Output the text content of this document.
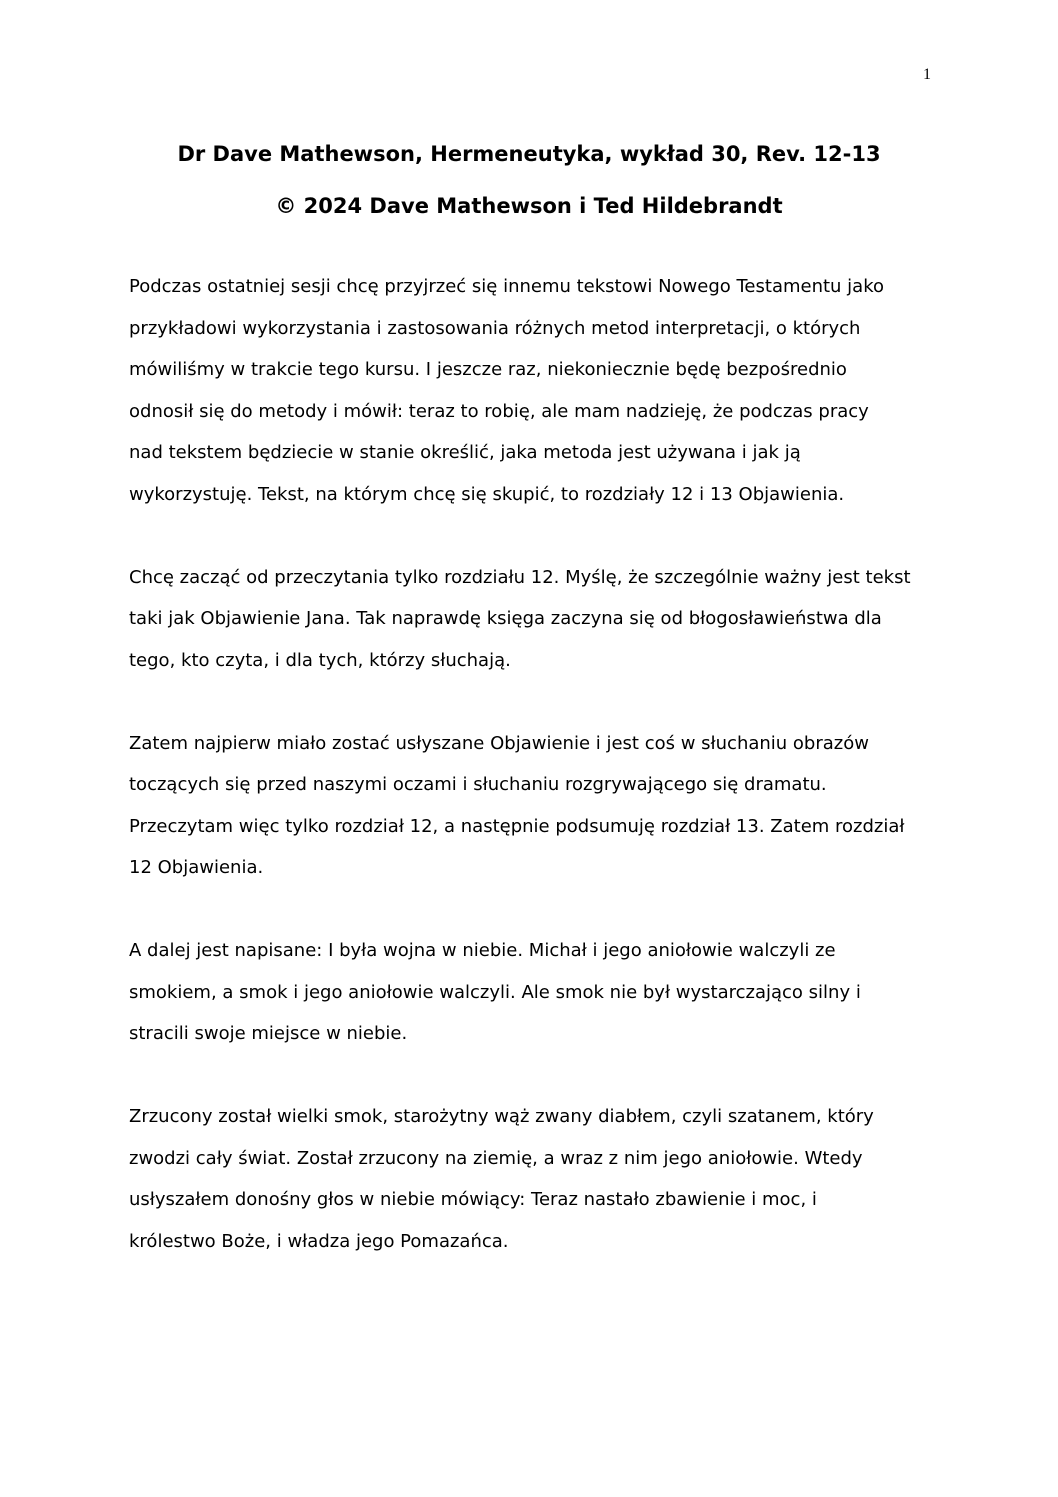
1

Dr Dave Mathewson, Hermeneutyka, wykład 30, Rev. 12-13

© 2024 Dave Mathewson i Ted Hildebrandt

Podczas ostatniej sesji chcę przyjrzeć się innemu tekstowi Nowego Testamentu jako
przykładowi wykorzystania i zastosowania różnych metod interpretacji, o których
mówiliśmy w trakcie tego kursu. I jeszcze raz, niekoniecznie będę bezpośrednio
odnosił się do metody i mówił: teraz to robię, ale mam nadzieję, że podczas pracy
nad tekstem będziecie w stanie określić, jaka metoda jest używana i jak ją
wykorzystuję. Tekst, na którym chcę się skupić, to rozdziały 12 i 13 Objawienia.

Chcę zacząć od przeczytania tylko rozdziału 12. Myślę, że szczególnie ważny jest tekst
taki jak Objawienie Jana. Tak naprawdę księga zaczyna się od błogosławieństwa dla
tego, kto czyta, i dla tych, którzy słuchają.

Zatem najpierw miało zostać usłyszane Objawienie i jest coś w słuchaniu obrazów
toczących się przed naszymi oczami i słuchaniu rozgrywającego się dramatu.
Przeczytam więc tylko rozdział 12, a następnie podsumuję rozdział 13. Zatem rozdział
12 Objawienia.

A dalej jest napisane: I była wojna w niebie. Michał i jego aniołowie walczyli ze
smokiem, a smok i jego aniołowie walczyli. Ale smok nie był wystarczająco silny i
stracili swoje miejsce w niebie.

Zrzucony został wielki smok, starożytny wąż zwany diabłem, czyli szatanem, który
zwodzi cały świat. Został zrzucony na ziemię, a wraz z nim jego aniołowie. Wtedy
usłyszałem donośny głos w niebie mówiący: Teraz nastało zbawienie i moc, i
królestwo Boże, i władza jego Pomazańca.
